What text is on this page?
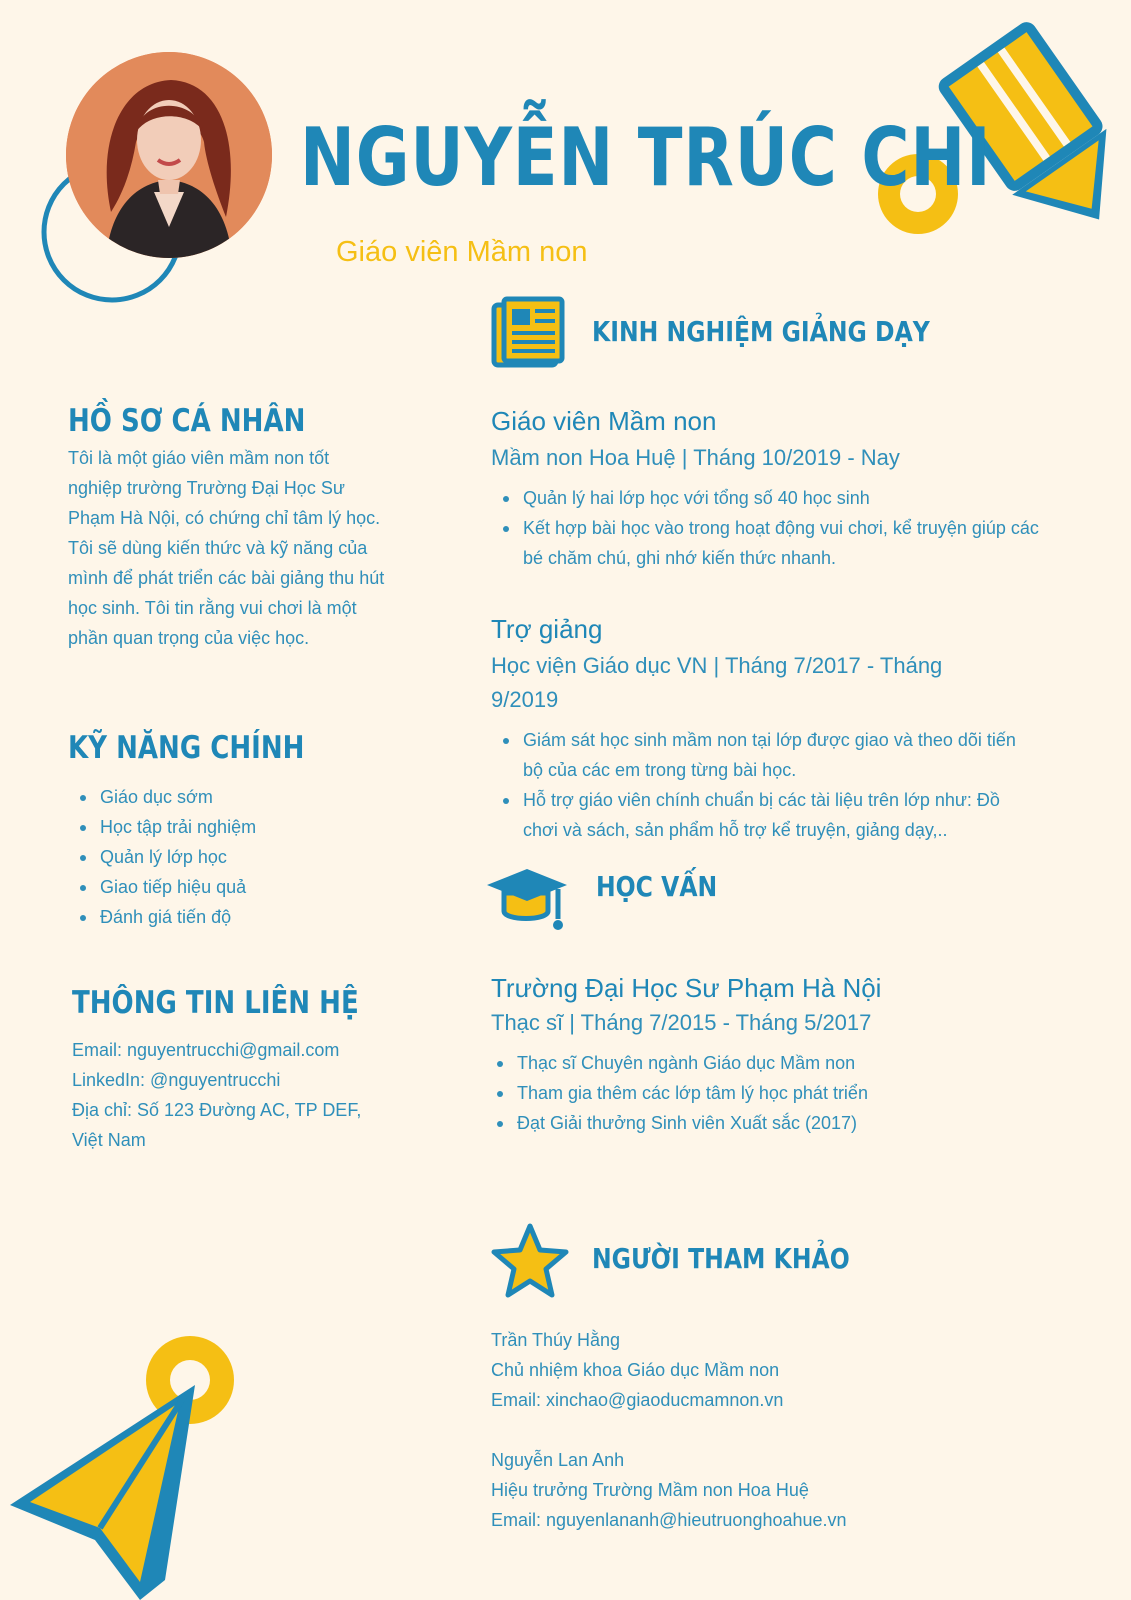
NGUYỄN TRÚC CHI
Giáo viên Mầm non
HỒ SƠ CÁ NHÂN
Tôi là một giáo viên mầm non tốt nghiệp trường Trường Đại Học Sư Phạm Hà Nội, có chứng chỉ tâm lý học. Tôi sẽ dùng kiến thức và kỹ năng của mình để phát triển các bài giảng thu hút học sinh. Tôi tin rằng vui chơi là một phần quan trọng của việc học.
KỸ NĂNG CHÍNH
Giáo dục sớm
Học tập trải nghiệm
Quản lý lớp học
Giao tiếp hiệu quả
Đánh giá tiến độ
THÔNG TIN LIÊN HỆ
Email: nguyentrucchi@gmail.com
LinkedIn: @nguyentrucchi
Địa chỉ: Số 123 Đường AC, TP DEF,
Việt Nam
KINH NGHIỆM GIẢNG DẠY
Giáo viên Mầm non
Mầm non Hoa Huệ | Tháng 10/2019 - Nay
Quản lý hai lớp học với tổng số 40 học sinh
Kết hợp bài học vào trong hoạt động vui chơi, kể truyện giúp các bé chăm chú, ghi nhớ kiến thức nhanh.
Trợ giảng
Học viện Giáo dục VN | Tháng 7/2017 - Tháng 9/2019
Giám sát học sinh mầm non tại lớp được giao và theo dõi tiến bộ của các em trong từng bài học.
Hỗ trợ giáo viên chính chuẩn bị các tài liệu trên lớp như: Đồ chơi và sách, sản phẩm hỗ trợ kể truyện, giảng dạy,..
HỌC VẤN
Trường Đại Học Sư Phạm Hà Nội
Thạc sĩ | Tháng 7/2015 - Tháng 5/2017
Thạc sĩ Chuyên ngành Giáo dục Mầm non
Tham gia thêm các lớp tâm lý học phát triển
Đạt Giải thưởng Sinh viên Xuất sắc (2017)
NGƯỜI THAM KHẢO
Trần Thúy Hằng
Chủ nhiệm khoa Giáo dục Mầm non
Email: xinchao@giaoducmamnon.vn
Nguyễn Lan Anh
Hiệu trưởng Trường Mầm non Hoa Huệ
Email: nguyenlananh@hieutruonghoahue.vn
